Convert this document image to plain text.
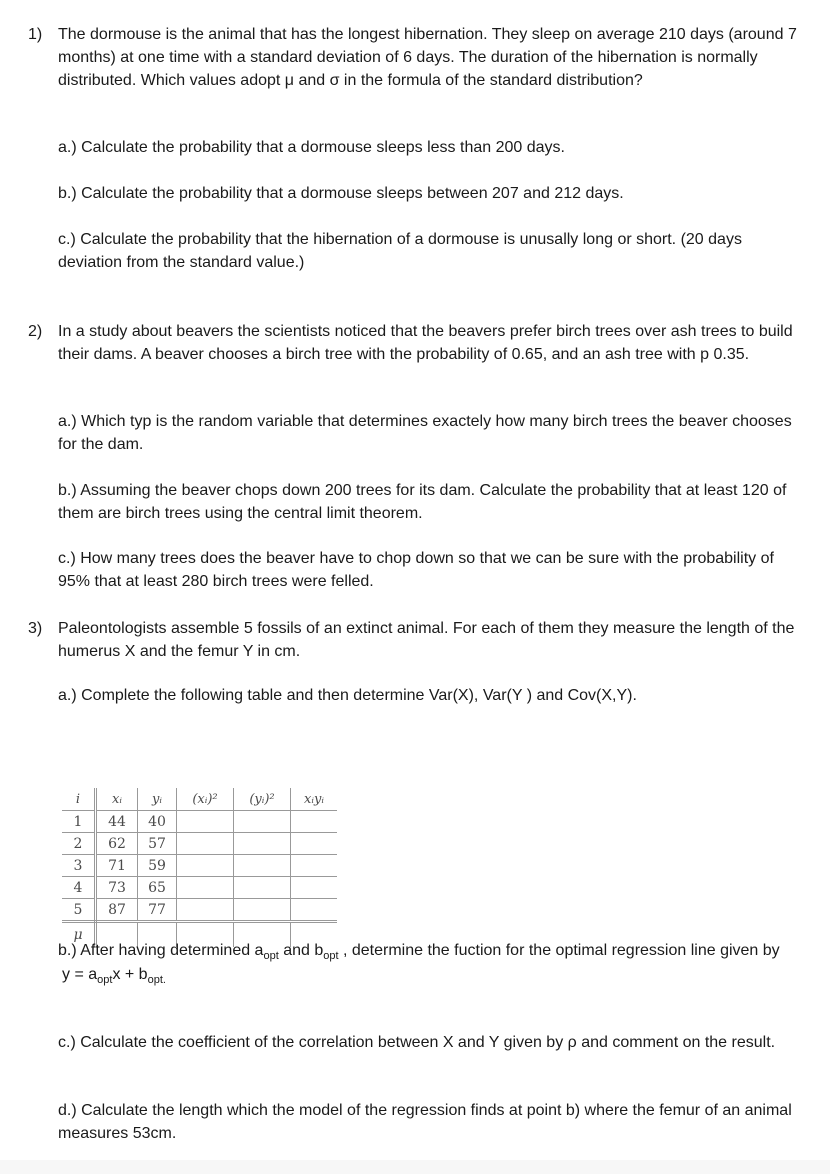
1) The dormouse is the animal that has the longest hibernation. They sleep on average 210 days (around 7 months) at one time with a standard deviation of 6 days. The duration of the hibernation is normally distributed. Which values adopt μ and σ in the formula of the standard distribution?
a.) Calculate the probability that a dormouse sleeps less than 200 days.
b.) Calculate the probability that a dormouse sleeps between 207 and 212 days.
c.) Calculate the probability that the hibernation of a dormouse is unusally long or short. (20 days deviation from the standard value.)
2) In a study about beavers the scientists noticed that the beavers prefer birch trees over ash trees to build their dams. A beaver chooses a birch tree with the probability of 0.65, and an ash tree with p 0.35.
a.) Which typ is the random variable that determines exactely how many birch trees the beaver chooses for the dam.
b.) Assuming the beaver chops down 200 trees for its dam. Calculate the probability that at least 120 of them are birch trees using the central limit theorem.
c.) How many trees does the beaver have to chop down so that we can be sure with the probability of 95% that at least 280 birch trees were felled.
3) Paleontologists assemble 5 fossils of an extinct animal. For each of them they measure the length of the humerus X and the femur Y in cm.
a.) Complete the following table and then determine Var(X), Var(Y ) and Cov(X,Y).
i	xᵢ	yᵢ	(xᵢ)²	(yᵢ)²	xᵢyᵢ
1	44	40			
2	62	57			
3	71	59			
4	73	65			
5	87	77			
μ					
b.) After having determined $a_{opt}$ and $b_{opt}$ , determine the fuction for the optimal regression line given by
$y = a_{opt}x + b_{opt.}$
c.) Calculate the coefficient of the correlation between X and Y given by ρ and comment on the result.
d.) Calculate the length which the model of the regression finds at point b) where the femur of an animal measures 53cm.
